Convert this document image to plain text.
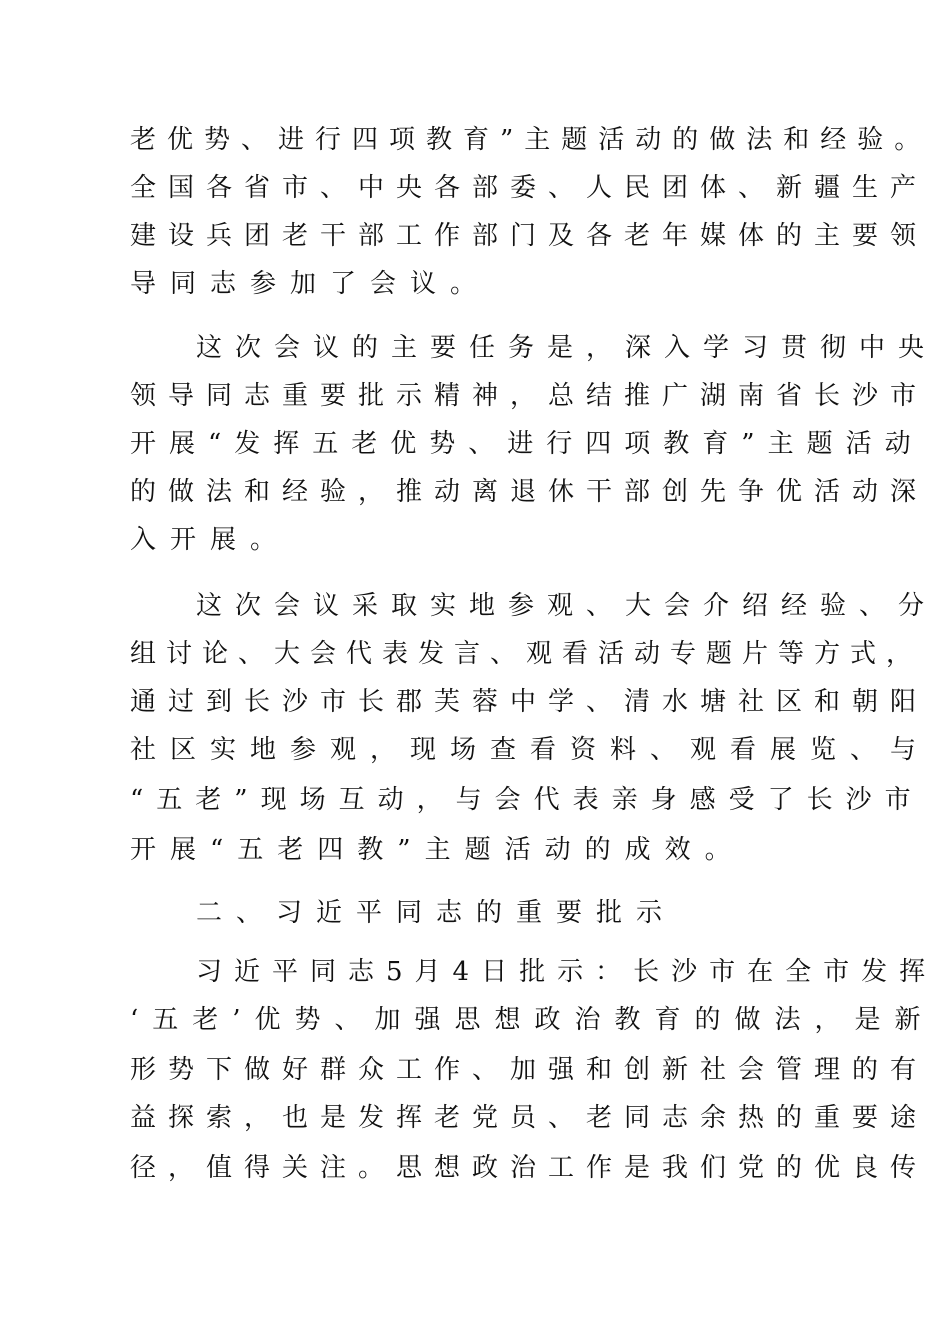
老优势、进行四项教育”主题活动的做法和经验。
全国各省市、中央各部委、人民团体、新疆生产
建设兵团老干部工作部门及各老年媒体的主要领
导同志参加了会议。
这次会议的主要任务是，深入学习贯彻中央
领导同志重要批示精神，总结推广湖南省长沙市
开展“发挥五老优势、进行四项教育”主题活动
的做法和经验，推动离退休干部创先争优活动深
入开展。
这次会议采取实地参观、大会介绍经验、分
组讨论、大会代表发言、观看活动专题片等方式，
通过到长沙市长郡芙蓉中学、清水塘社区和朝阳
社区实地参观，现场查看资料、观看展览、与
“五老”现场互动，与会代表亲身感受了长沙市
开展“五老四教”主题活动的成效。
二、习近平同志的重要批示
习近平同志5月4日批示：长沙市在全市发挥
‘五老’优势、加强思想政治教育的做法，是新
形势下做好群众工作、加强和创新社会管理的有
益探索，也是发挥老党员、老同志余热的重要途
径，值得关注。思想政治工作是我们党的优良传
